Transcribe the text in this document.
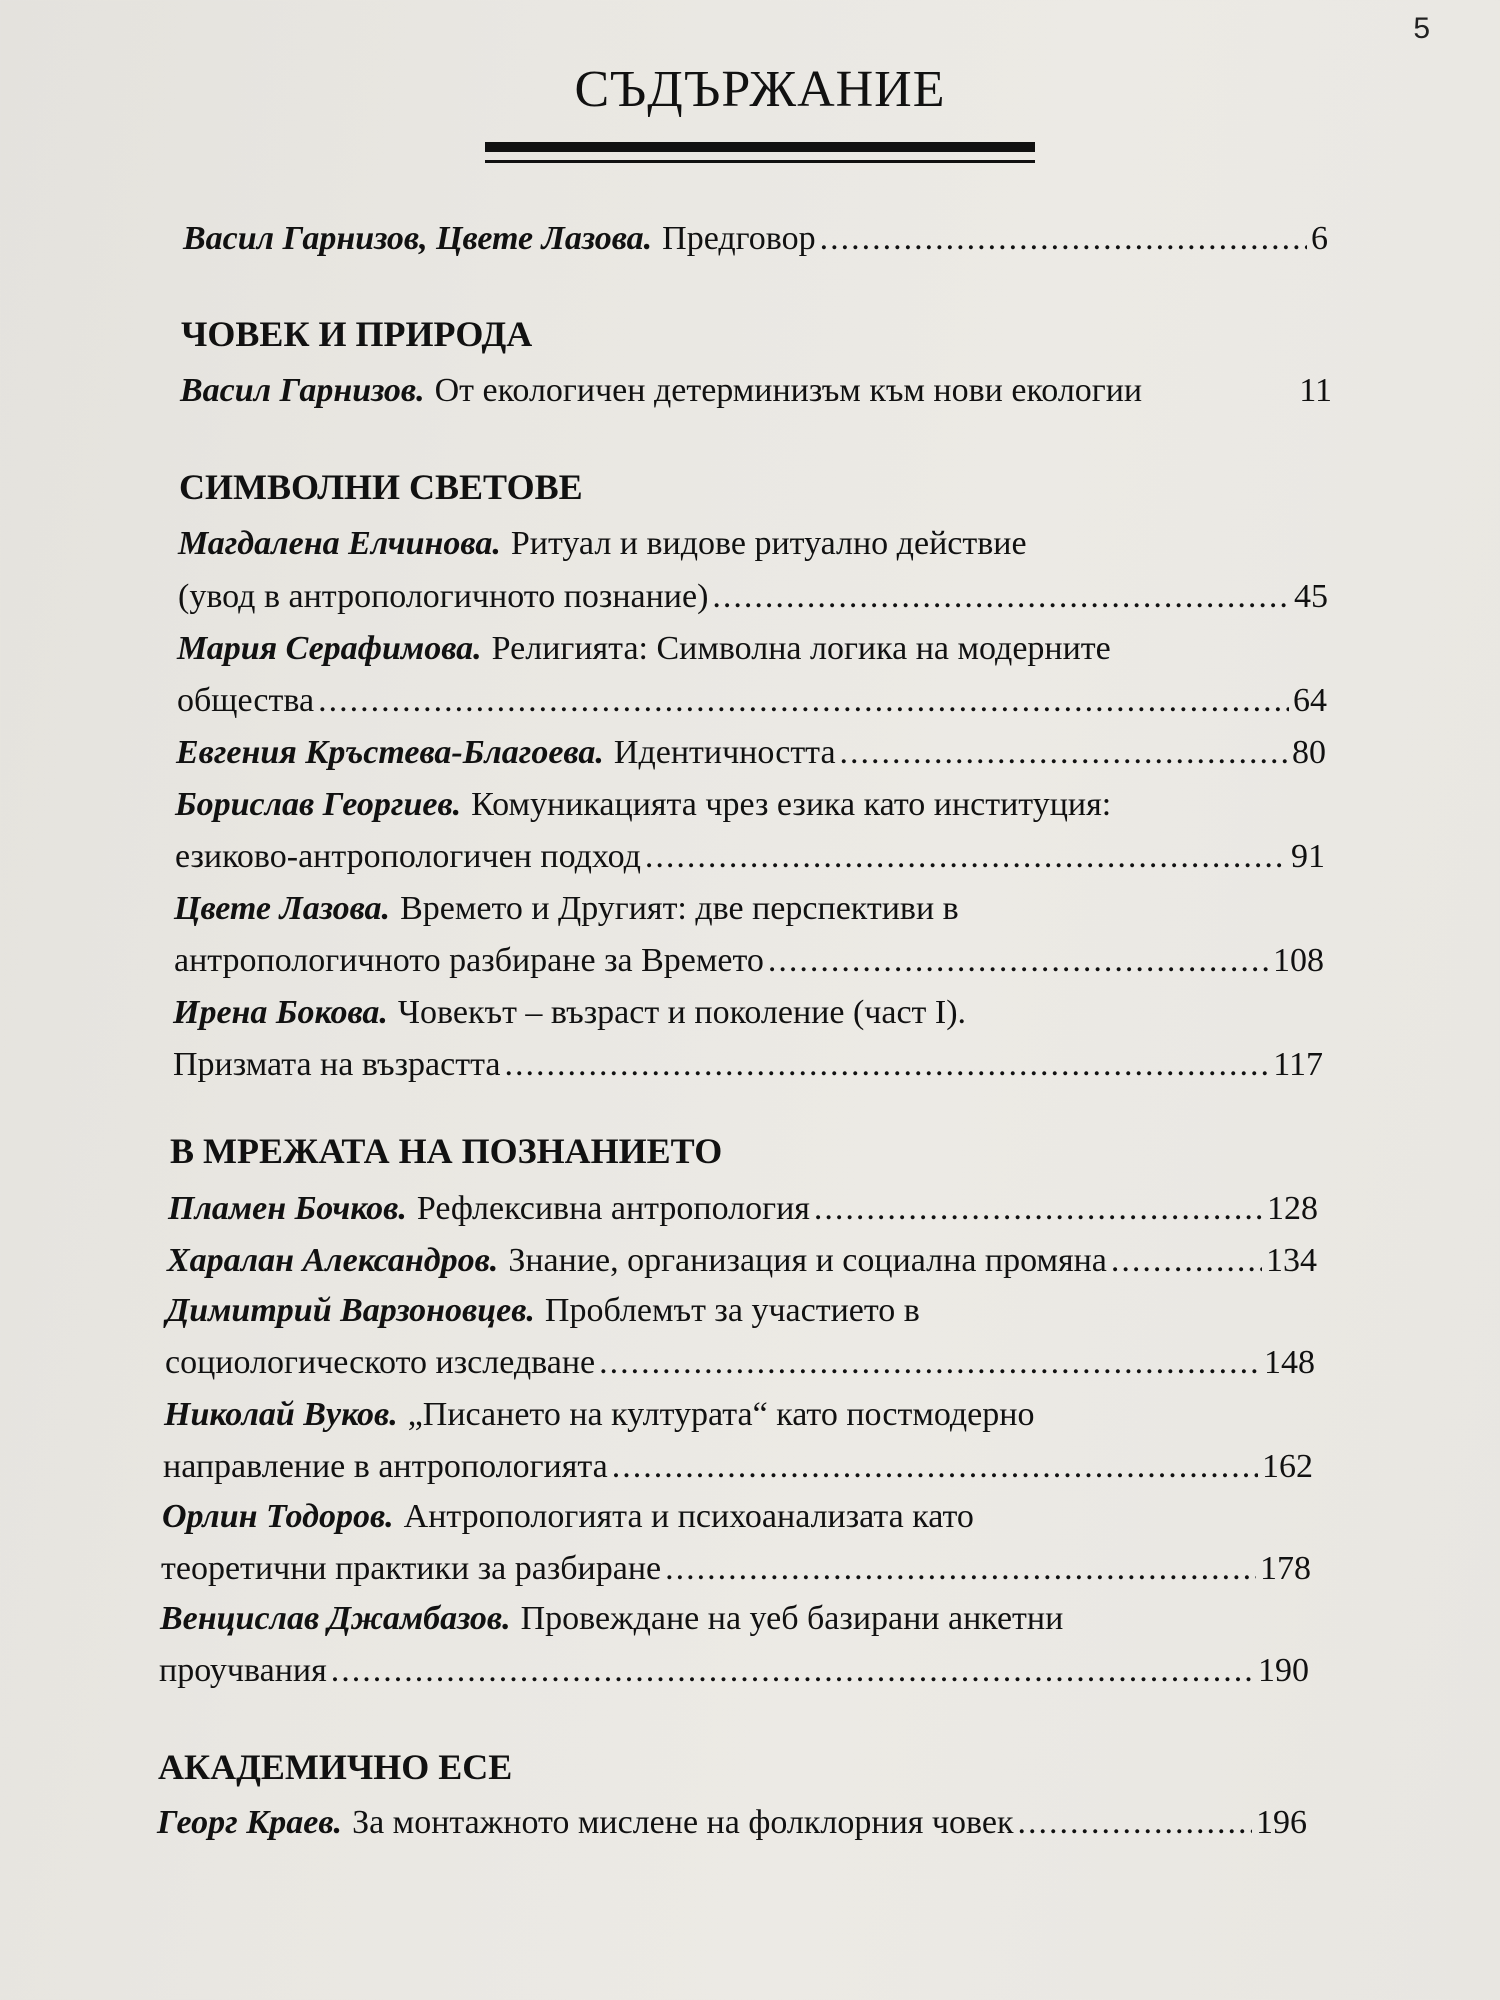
5
СЪДЪРЖАНИЕ
Васил Гарнизов, Цвете Лазова. Предговор .....	6
ЧОВЕК И ПРИРОДА
Васил Гарнизов. От екологичен детерминизъм към нови екологии	11
СИМВОЛНИ СВЕТОВЕ
Магдалена Елчинова. Ритуал и видове ритуално действие
(увод в антропологичното познание) .....	45
Мария Серафимова. Религията: Символна логика на модерните
общества .....	64
Евгения Кръстева-Благоева. Идентичността .....	80
Борислав Георгиев. Комуникацията чрез езика като институция:
езиково-антропологичен подход .....	91
Цвете Лазова. Времето и Другият: две перспективи в
антропологичното разбиране за Времето .....	108
Ирена Бокова. Човекът – възраст и поколение (част I).
Призмата на възрастта .....	117
В МРЕЖАТА НА ПОЗНАНИЕТО
Пламен Бочков. Рефлексивна антропология .....	128
Харалан Александров. Знание, организация и социална промяна .....	134
Димитрий Варзоновцев. Проблемът за участието в
социологическото изследване .....	148
Николай Вуков. „Писането на културата“ като постмодерно
направление в антропологията .....	162
Орлин Тодоров. Антропологията и психоанализата като
теоретични практики за разбиране .....	178
Венцислав Джамбазов. Провеждане на уеб базирани анкетни
проучвания .....	190
АКАДЕМИЧНО ЕСЕ
Георг Краев. За монтажното мислене на фолклорния човек .....	196
